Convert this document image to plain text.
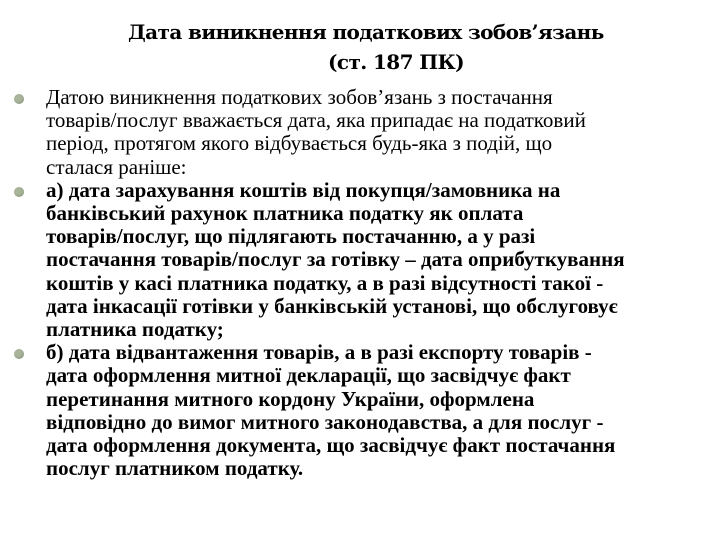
Дата виникнення податкових зобов’язань
(ст. 187 ПК)
Датою виникнення податкових зобов’язань з постачання
товарів/послуг вважається дата, яка припадає на податковий
період, протягом якого відбувається будь-яка з подій, що
сталася раніше:
а) дата зарахування коштів від покупця/замовника на
банківський рахунок платника податку як оплата
товарів/послуг, що підлягають постачанню, а у разі
постачання товарів/послуг за готівку – дата оприбуткування
коштів у касі платника податку, а в разі відсутності такої -
дата інкасації готівки у банківській установі, що обслуговує
платника податку;
б) дата відвантаження товарів, а в разі експорту товарів -
дата оформлення митної декларації, що засвідчує факт
перетинання митного кордону України, оформлена
відповідно до вимог митного законодавства, а для послуг -
дата оформлення документа, що засвідчує факт постачання
послуг платником податку.
